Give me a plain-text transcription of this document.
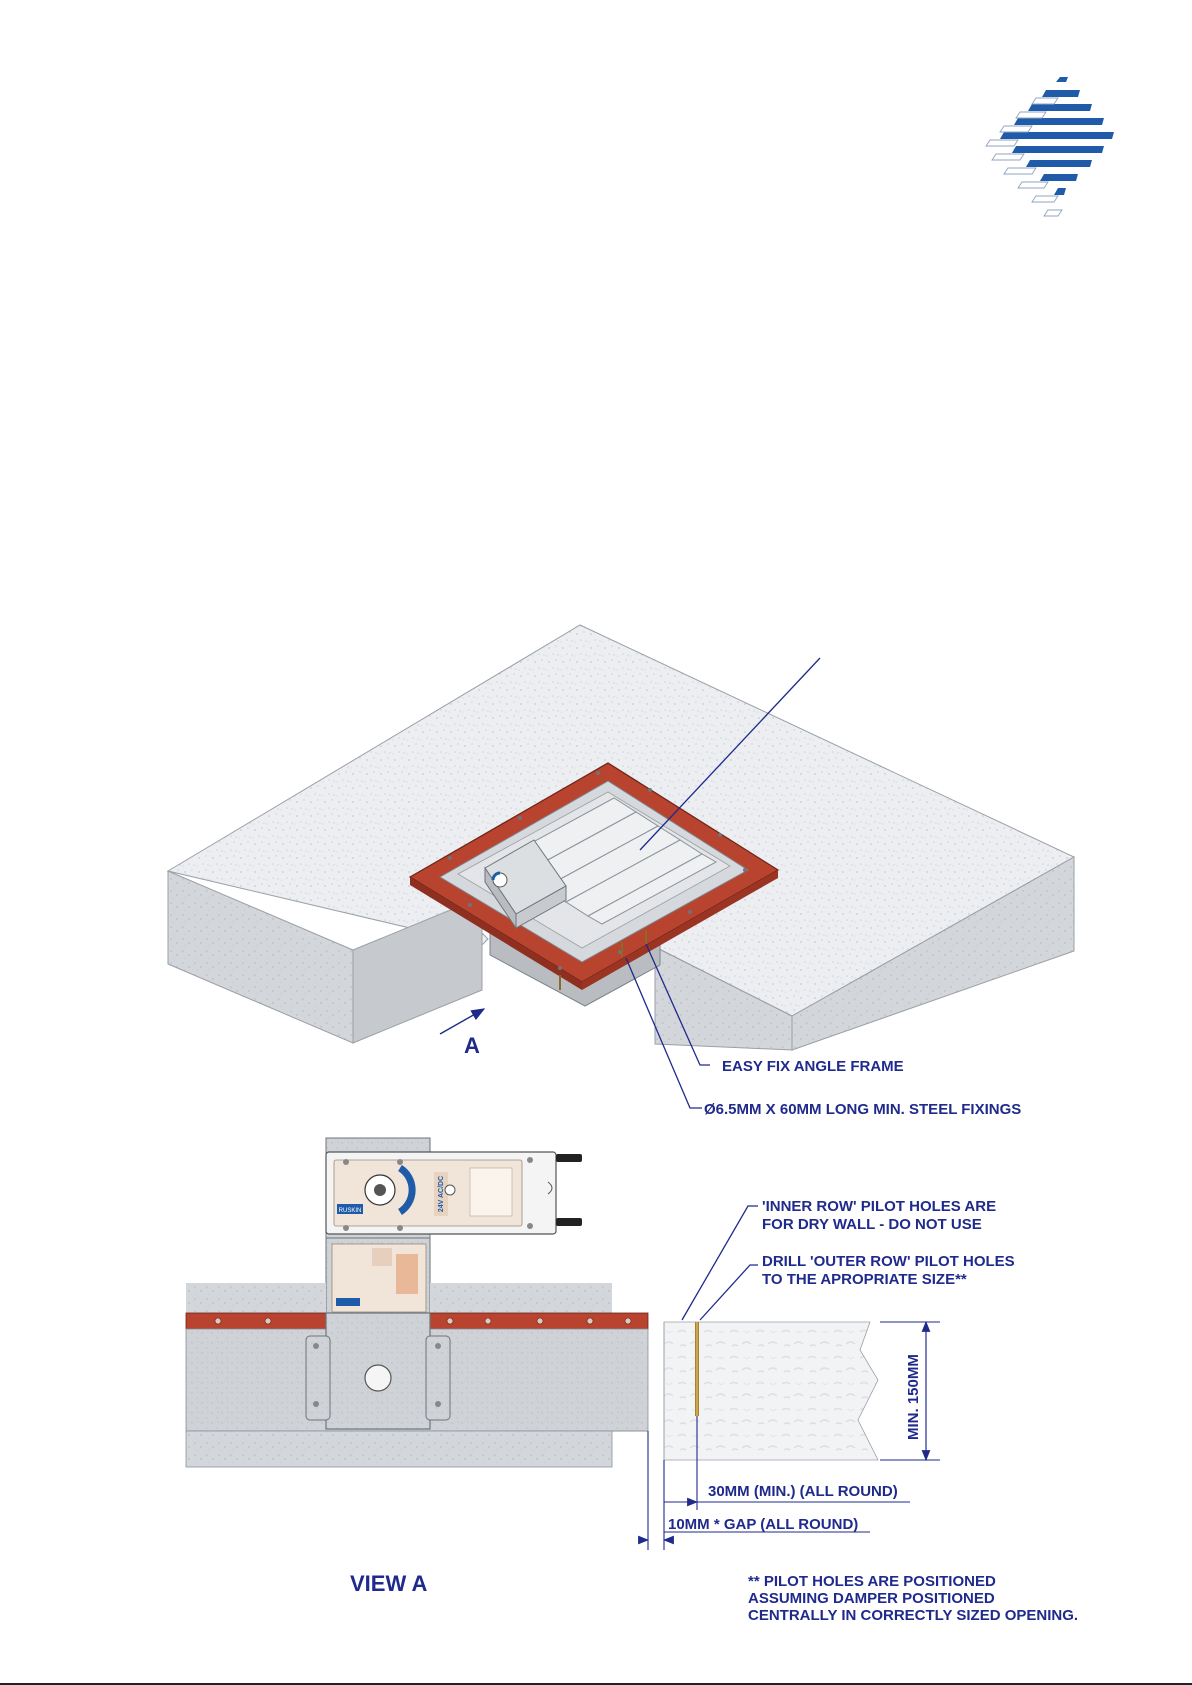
EASY FIX ANGLE FRAME
Ø6.5MM X 60MM LONG MIN. STEEL FIXINGS
A
24V AC/DC
RUSKIN	'INNER ROW' PILOT HOLES ARE
FOR DRY WALL - DO NOT USE
DRILL 'OUTER ROW' PILOT HOLES
TO THE APROPRIATE SIZE**
MIN. 150MM
30MM (MIN.) (ALL ROUND)
10MM * GAP (ALL ROUND)
VIEW A	** PILOT HOLES ARE POSITIONED
ASSUMING DAMPER POSITIONED
CENTRALLY IN CORRECTLY SIZED OPENING.
